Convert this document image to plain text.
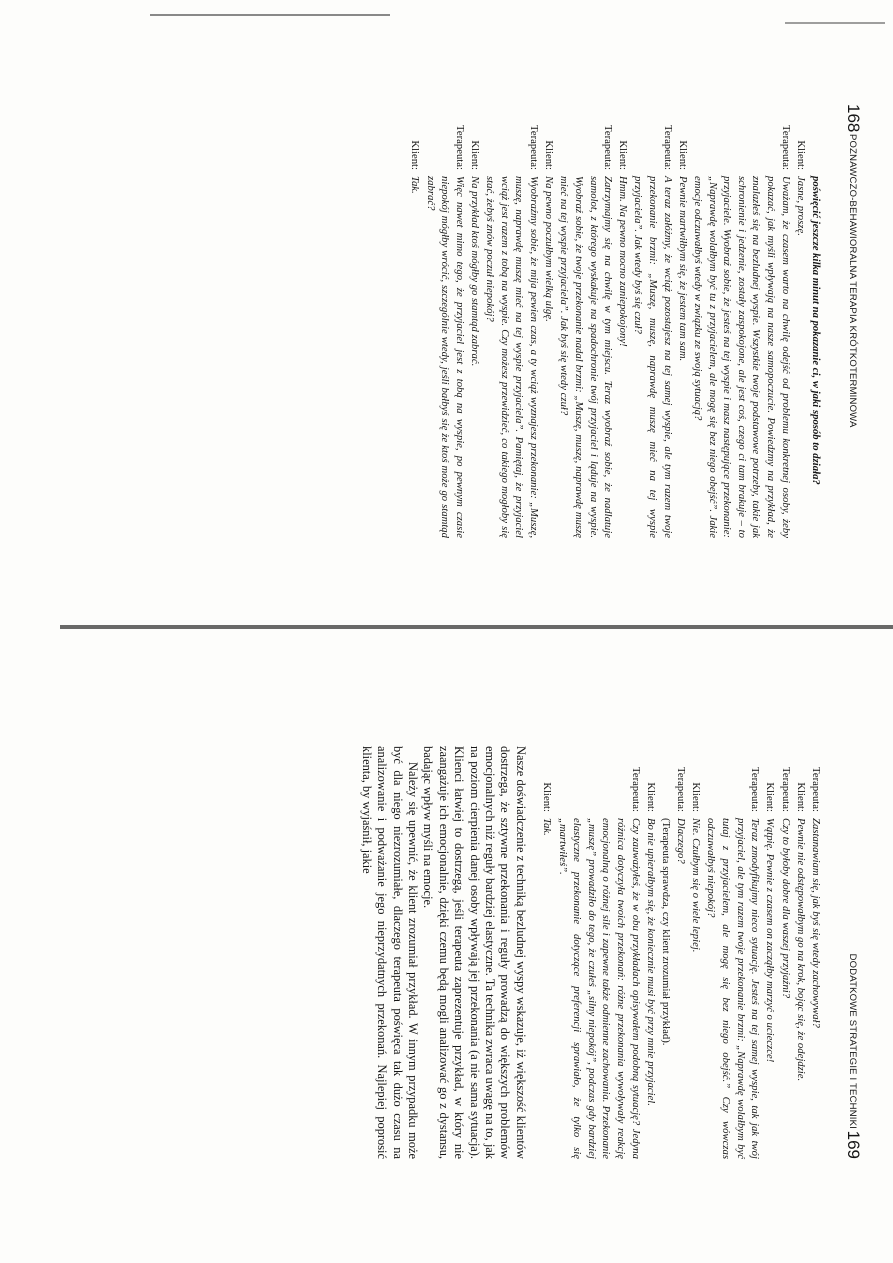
168
POZNAWCZO-BEHAWIORALNA TERAPIA KRÓTKOTERMINOWA
poświęcić jeszcze kilka minut na pokazanie ci, w jaki sposób to działa?
Klient:
Jasne, proszę.
Terapeuta:
Uważam, że czasem warto na chwilę odejść od problemu konkretnej osoby, żeby pokazać, jak myśli wpływają na nasze samopoczucie. Powiedzmy na przykład, że znalazłeś się na bezludnej wyspie. Wszystkie twoje podstawowe potrzeby, takie jak schronienie i jedzenie, zostały zaspokojone, ale jest coś, czego ci tam brakuje – to przyjaciele. Wyobraź sobie, że jesteś na tej wyspie i masz następujące przekonanie: „Naprawdę wolałbym być tu z przyjacielem, ale mogę się bez niego obejść”. Jakie emocje odczuwałbyś wtedy w związku ze swoją sytuacją?
Klient:
Pewnie martwiłbym się, że jestem tam sam.
Terapeuta:
A teraz załóżmy, że wciąż pozostajesz na tej samej wyspie, ale tym razem twoje przekonanie brzmi: „Muszę, muszę, naprawdę muszę mieć na tej wyspie przyjaciela”. Jak wtedy byś się czuł?
Klient:
Hmm. Na pewno mocno zaniepokojony!
Terapeuta:
Zatrzymajmy się na chwilę w tym miejscu. Teraz wyobraź sobie, że nadlatuje samolot, z którego wyskakuje na spadochronie twój przyjaciel i ląduje na wyspie. Wyobraź sobie, że twoje przekonanie nadal brzmi: „Muszę, muszę, naprawdę muszę mieć na tej wyspie przyjaciela”. Jak byś się wtedy czuł?
Klient:
Na pewno poczułbym wielką ulgę.
Terapeuta:
Wyobraźmy sobie, że mija pewien czas, a ty wciąż wyznajesz przekonanie: „Muszę, muszę, naprawdę muszę mieć na tej wyspie przyjaciela”. Pamiętaj, że przyjaciel wciąż jest razem z tobą na wyspie. Czy możesz przewidzieć, co takiego mogłoby się stać, żebyś znów poczuł niepokój?
Klient:
Na przykład ktoś mógłby go stamtąd zabrać.
Terapeuta:
Więc nawet mimo tego, że przyjaciel jest z tobą na wyspie, po pewnym czasie niepokój mógłby wrócić, szczególnie wtedy, jeśli bałbyś się że ktoś może go stamtąd zabrać?
Klient:
Tak.
DODATKOWE STRATEGIE I TECHNIKI
169
Terapeuta:
Zastanawiam się, jak byś się wtedy zachowywał?
Klient:
Pewnie nie odstępowałbym go na krok, bojąc się, że odejdzie.
Terapeuta:
Czy to byłoby dobre dla waszej przyjaźni?
Klient:
Wątpię. Pewnie z czasem on zacząłby marzyć o ucieczce!
Terapeuta:
Teraz zmodyfikujmy nieco sytuację. Jesteś na tej samej wyspie, tak jak twój przyjaciel, ale tym razem twoje przekonanie brzmi: „Naprawdę wolałbym być tutaj z przyjacielem, ale mogę się bez niego obejść.” Czy wówczas odczuwałbyś niepokój?
Klient:
Nie. Czułbym się o wiele lepiej.
Terapeuta:
Dlaczego?
(Terapeuta sprawdza, czy klient zrozumiał przykład).
Klient:
Bo nie upierałbym się, że koniecznie musi być przy mnie przyjaciel.
Terapeuta:
Czy zauważyłeś, że w obu przykładach opisywałem podobną sytuację? Jedyna różnica dotyczyła twoich przekonań: różne przekonania wywoływały reakcję emocjonalną o różnej sile i zapewne także odmienne zachowania. Przekonanie „muszę” prowadziło do tego, że czułeś „silny niepokój”, podczas gdy bardziej elastyczne przekonanie dotyczące preferencji sprawiało, że tylko się „martwiłeś”.
Klient:
Tak.

Nasze doświadczenie z techniką bezludnej wyspy wskazuje, iż większość klientów dostrzega, że sztywne przekonania i reguły prowadzą do większych problemów emocjonalnych niż reguły bardziej elastyczne. Ta technika zwraca uwagę na to, jak na poziom cierpienia danej osoby wpływają jej przekonania (a nie sama sytuacja). Klienci łatwiej to dostrzegą, jeśli terapeuta zaprezentuje przykład, w który nie zaangażuje ich emocjonalnie, dzięki czemu będą mogli analizować go z dystansu, badając wpływ myśli na emocje.

Należy się upewnić, że klient zrozumiał przykład. W innym przypadku może być dla niego niezrozumiałe, dlaczego terapeuta poświęca tak dużo czasu na analizowanie i podważanie jego nieprzydatnych przekonań. Najlepiej poprosić klienta, by wyjaśnił, jakie
